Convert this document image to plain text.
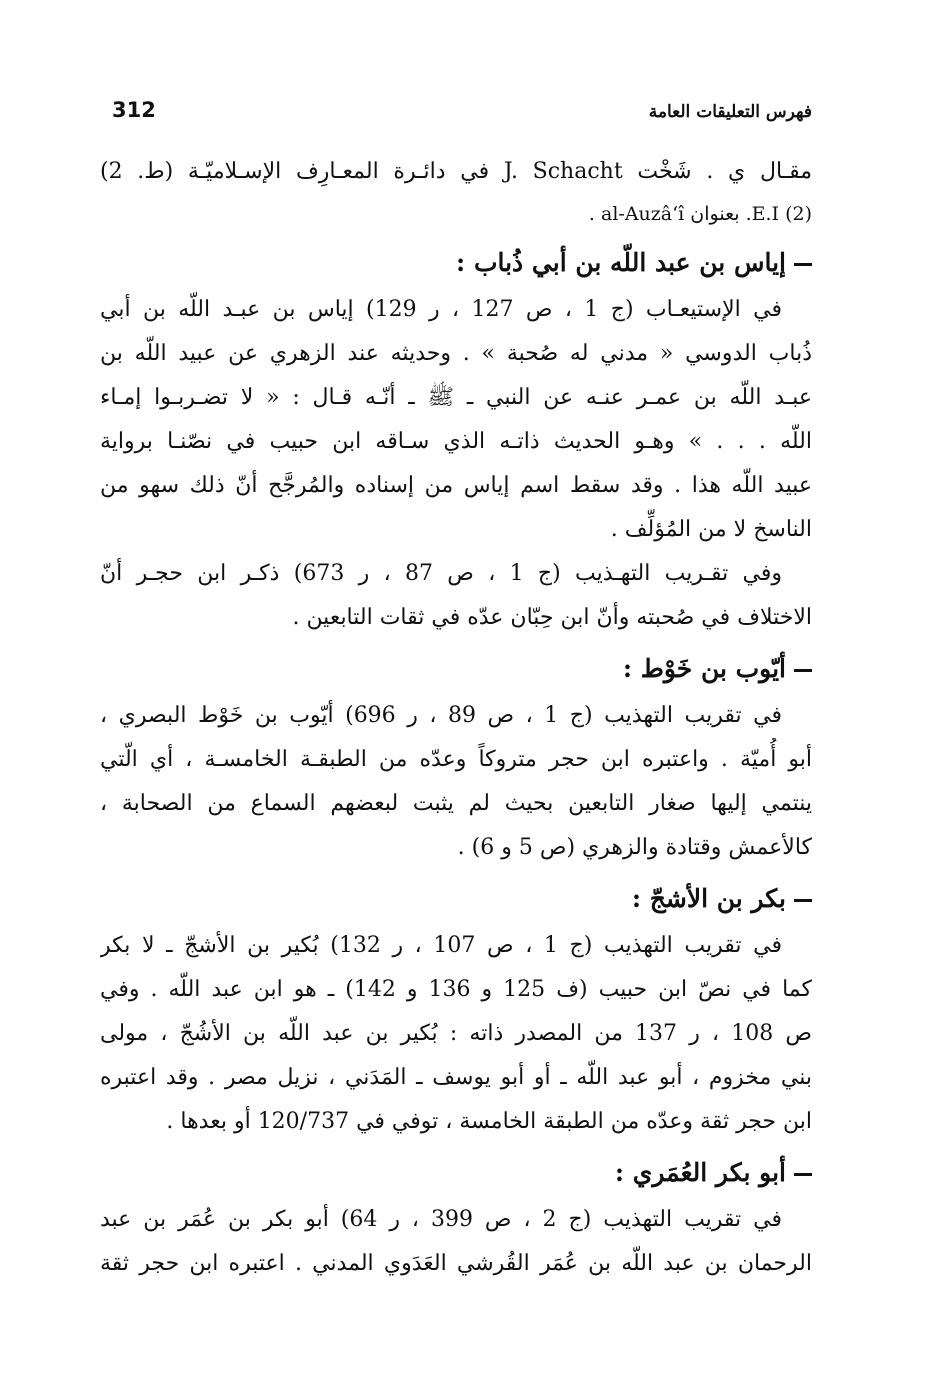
312	فهرس التعليقات العامة
مقـال ي . شَخْت J. Schacht في دائـرة المعـارِف الإسـلاميّـة (ط. 2)
(2) E.I. بعنوان al-Auzâ‘î .
إياس بن عبد اللّه بن أبي ذُباب :
في الإستيعـاب (ج 1 ، ص 127 ، ر 129) إياس بن عبـد اللّه بن أبي
ذُباب الدوسي « مدني له صُحبة » . وحديثه عند الزهري عن عبيد اللّه بن
عبـد اللّه بن عمـر عنـه عن النبي ـ ﷺ ـ أنّـه قـال : « لا تضـربـوا إمـاء
اللّه . . . » وهـو الحديث ذاتـه الذي سـاقه ابن حبيب في نصّنـا برواية
عبيد اللّه هذا . وقد سقط اسم إياس من إسناده والمُرجَّح أنّ ذلك سهو من
الناسخ لا من المُؤلِّف .
وفي تقـريب التهـذيب (ج 1 ، ص 87 ، ر 673) ذكـر ابن حجـر أنّ
الاختلاف في صُحبته وأنّ ابن حِبّان عدّه في ثقات التابعين .
أيّوب بن خَوْط :
في تقريب التهذيب (ج 1 ، ص 89 ، ر 696) أيّوب بن خَوْط البصري ،
أبو أُميّة . واعتبره ابن حجر متروكاً وعدّه من الطبقـة الخامسـة ، أي الّتي
ينتمي إليها صغار التابعين بحيث لم يثبت لبعضهم السماع من الصحابة ،
كالأعمش وقتادة والزهري (ص 5 و 6) .
بكر بن الأشجّ :
في تقريب التهذيب (ج 1 ، ص 107 ، ر 132) بُكير بن الأشجّ ـ لا بكر
كما في نصّ ابن حبيب (ف 125 و 136 و 142) ـ هو ابن عبد اللّه . وفي
ص 108 ، ر 137 من المصدر ذاته : بُكير بن عبد اللّه بن الأشُجّ ، مولى
بني مخزوم ، أبو عبد اللّه ـ أو أبو يوسف ـ المَدَني ، نزيل مصر . وقد اعتبره
ابن حجر ثقة وعدّه من الطبقة الخامسة ، توفي في 120/737 أو بعدها .
أبو بكر العُمَري :
في تقريب التهذيب (ج 2 ، ص 399 ، ر 64) أبو بكر بن عُمَر بن عبد
الرحمان بن عبد اللّه بن عُمَر القُرشي العَدَوي المدني . اعتبره ابن حجر ثقة
